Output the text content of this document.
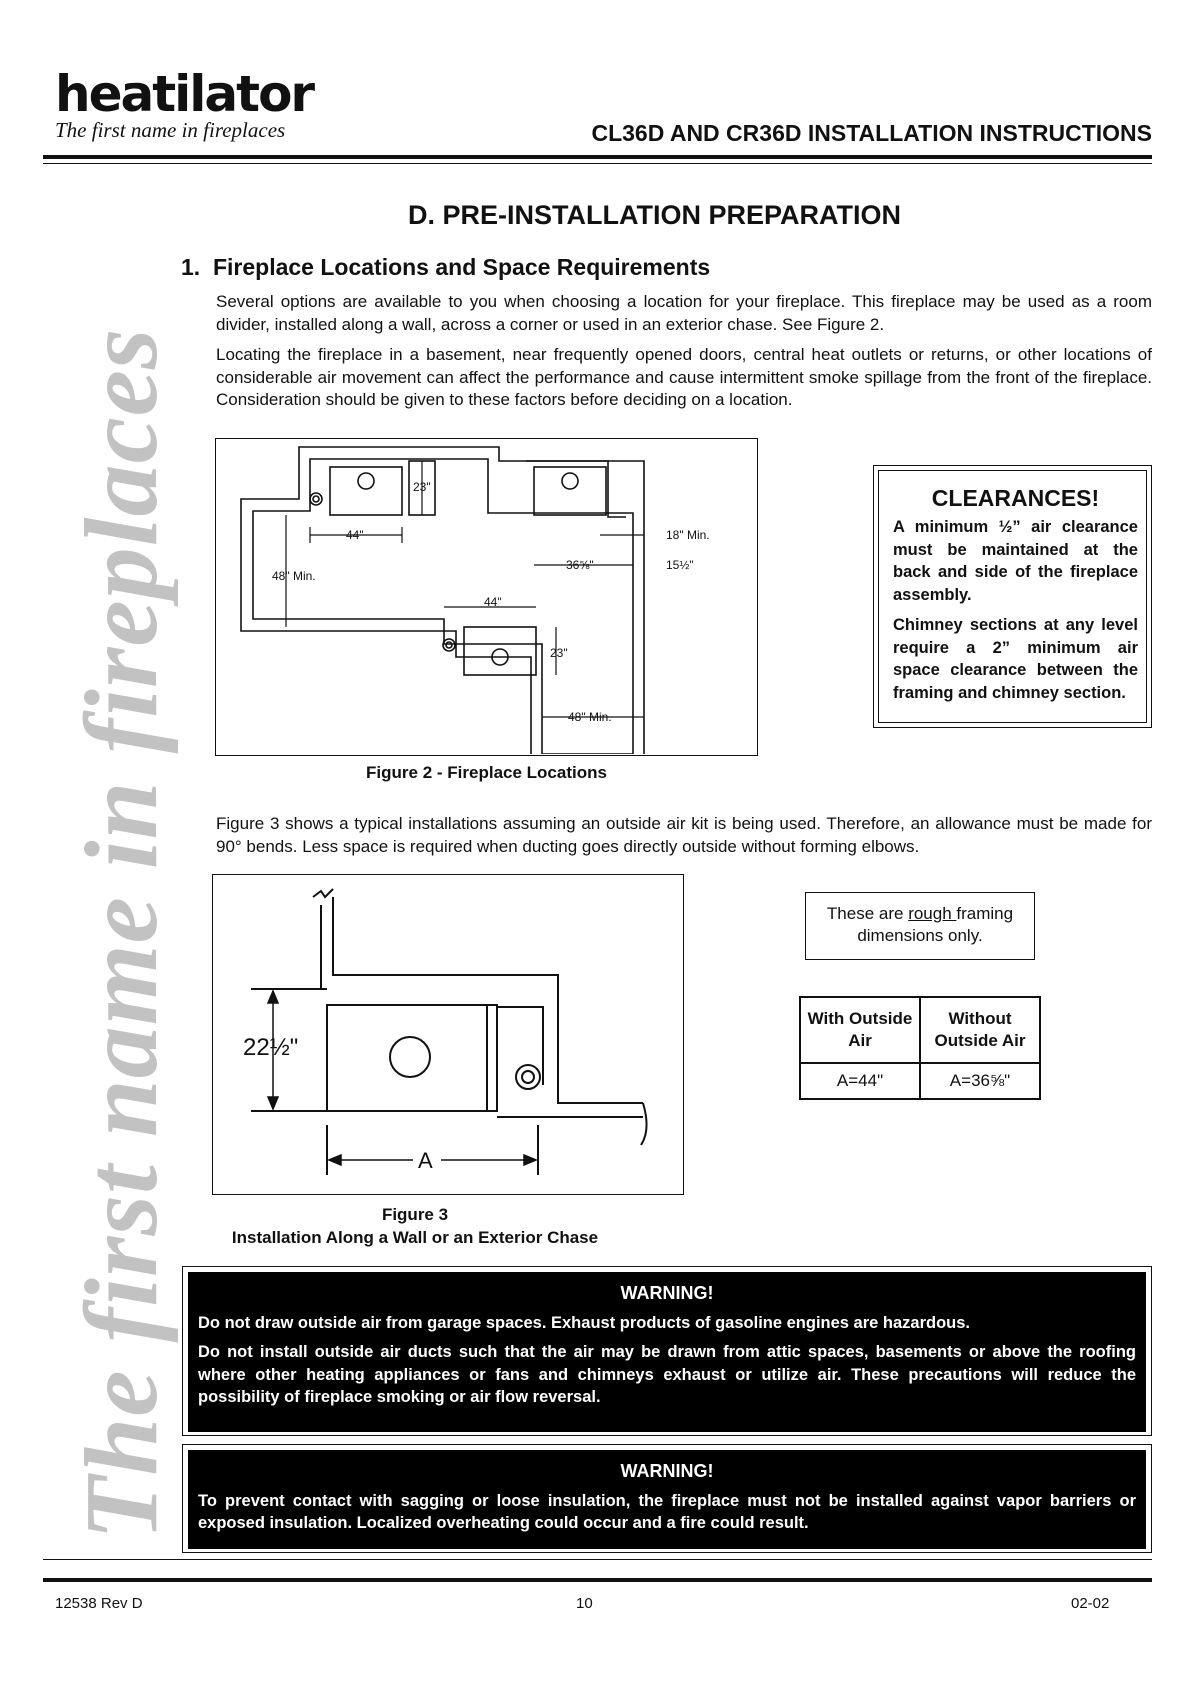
heatilator
The first name in fireplaces	CL36D AND CR36D INSTALLATION INSTRUCTIONS
The first name in fireplaces
D. PRE-INSTALLATION PREPARATION
1.  Fireplace Locations and Space Requirements
Several options are available to you when choosing a location for your fireplace. This fireplace may be used as a room divider, installed along a wall, across a corner or used in an exterior chase. See Figure 2.
Locating the fireplace in a basement, near frequently opened doors, central heat outlets or returns, or other locations of considerable air movement can affect the performance and cause intermittent smoke spillage from the front of the fireplace. Consideration should be given to these factors before deciding on a location.
23"
44"
48" Min.
18" Min.
36⅝"	15½"
44"
23"
48" Min.
Figure 2 - Fireplace Locations
CLEARANCES!

A minimum ½” air clearance must be maintained at the back and side of the fireplace assembly.

Chimney sections at any level require a 2” minimum air space clearance between the framing and chimney section.

Figure 3 shows a typical installations assuming an outside air kit is being used. Therefore, an allowance must be made for 90° bends. Less space is required when ducting goes directly outside without forming elbows.
22½"
A
Figure 3
Installation Along a Wall or an Exterior Chase
These are rough framing
dimensions only.
With Outside Air	Without Outside Air
A=44"	A=36⅝"
WARNING!

Do not draw outside air from garage spaces. Exhaust products of gasoline engines are hazardous.

Do not install outside air ducts such that the air may be drawn from attic spaces, basements or above the roofing where other heating appliances or fans and chimneys exhaust or utilize air. These precautions will reduce the possibility of fireplace smoking or air flow reversal.

WARNING!

To prevent contact with sagging or loose insulation, the fireplace must not be installed against vapor barriers or exposed insulation. Localized overheating could occur and a fire could result.

12538 Rev D	10	02-02
